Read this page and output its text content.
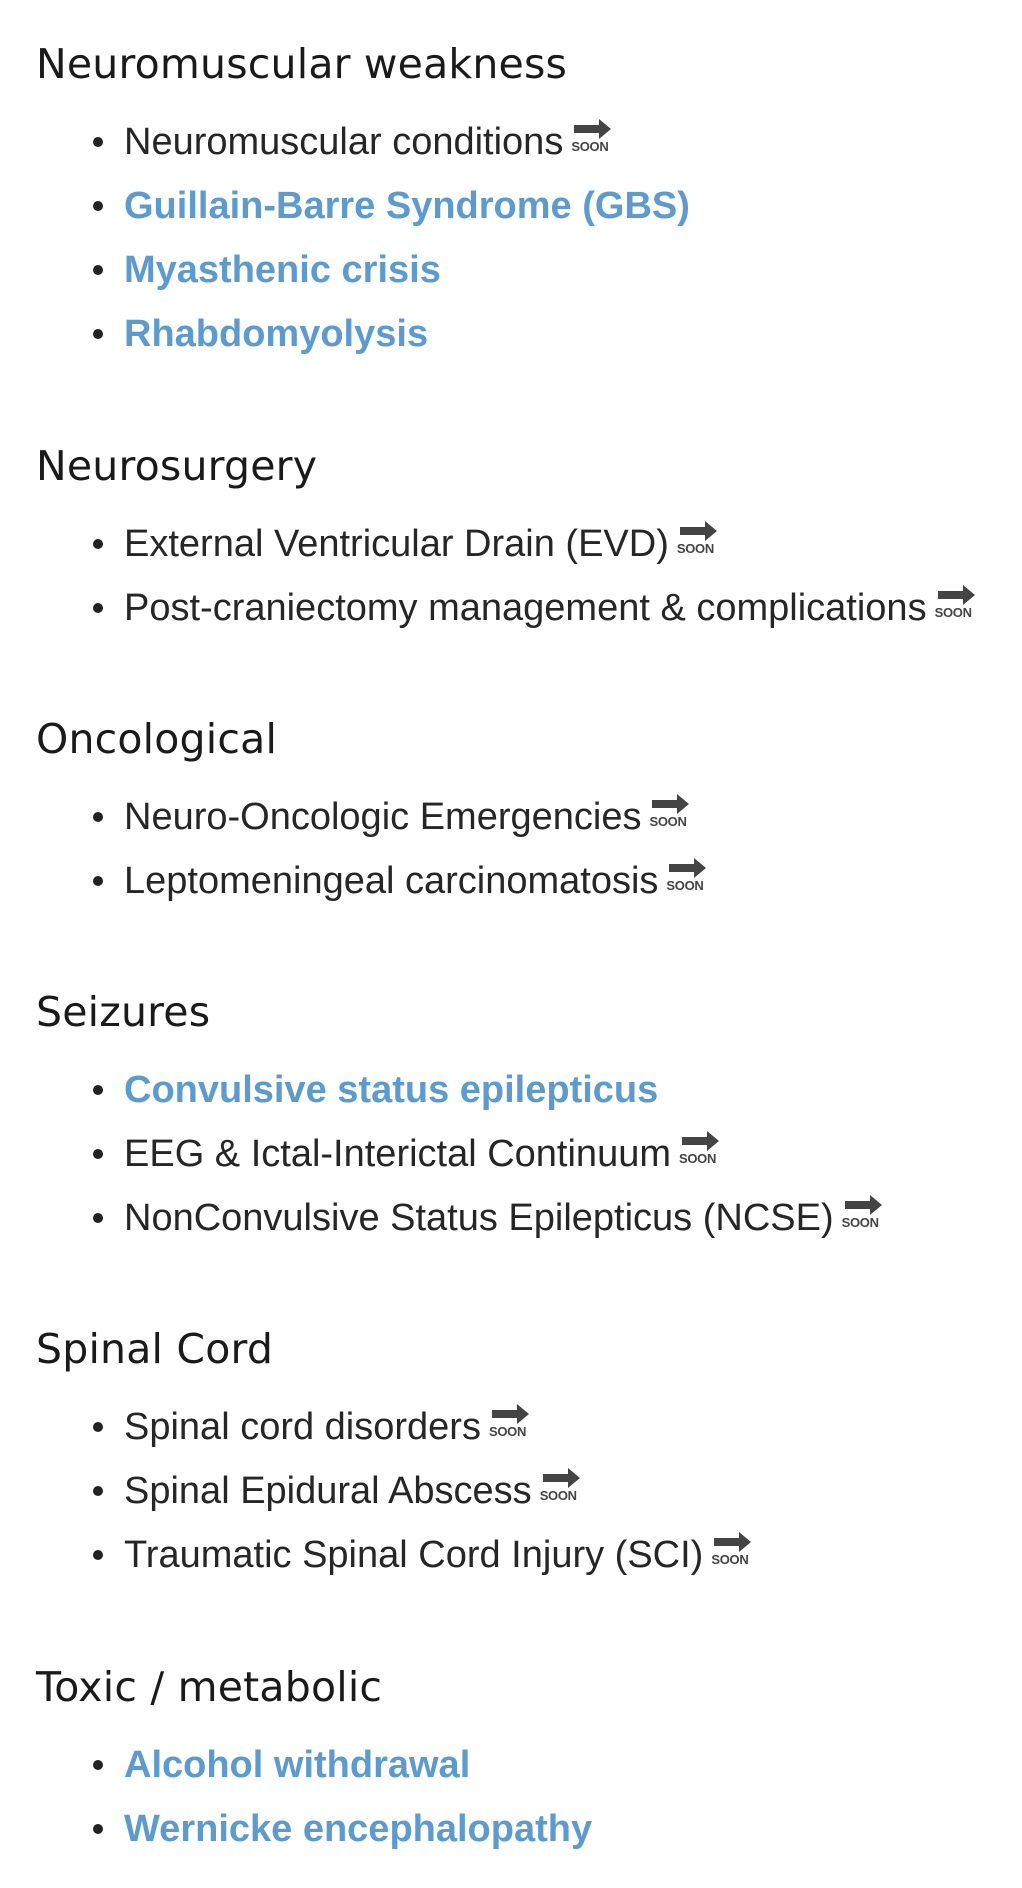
Neuromuscular weakness
Neuromuscular conditions SOON
Guillain-Barre Syndrome (GBS)
Myasthenic crisis
Rhabdomyolysis
Neurosurgery
External Ventricular Drain (EVD) SOON
Post-craniectomy management & complications SOON
Oncological
Neuro-Oncologic Emergencies SOON
Leptomeningeal carcinomatosis SOON
Seizures
Convulsive status epilepticus
EEG & Ictal-Interictal Continuum SOON
NonConvulsive Status Epilepticus (NCSE) SOON
Spinal Cord
Spinal cord disorders SOON
Spinal Epidural Abscess SOON
Traumatic Spinal Cord Injury (SCI) SOON
Toxic / metabolic
Alcohol withdrawal
Wernicke encephalopathy
